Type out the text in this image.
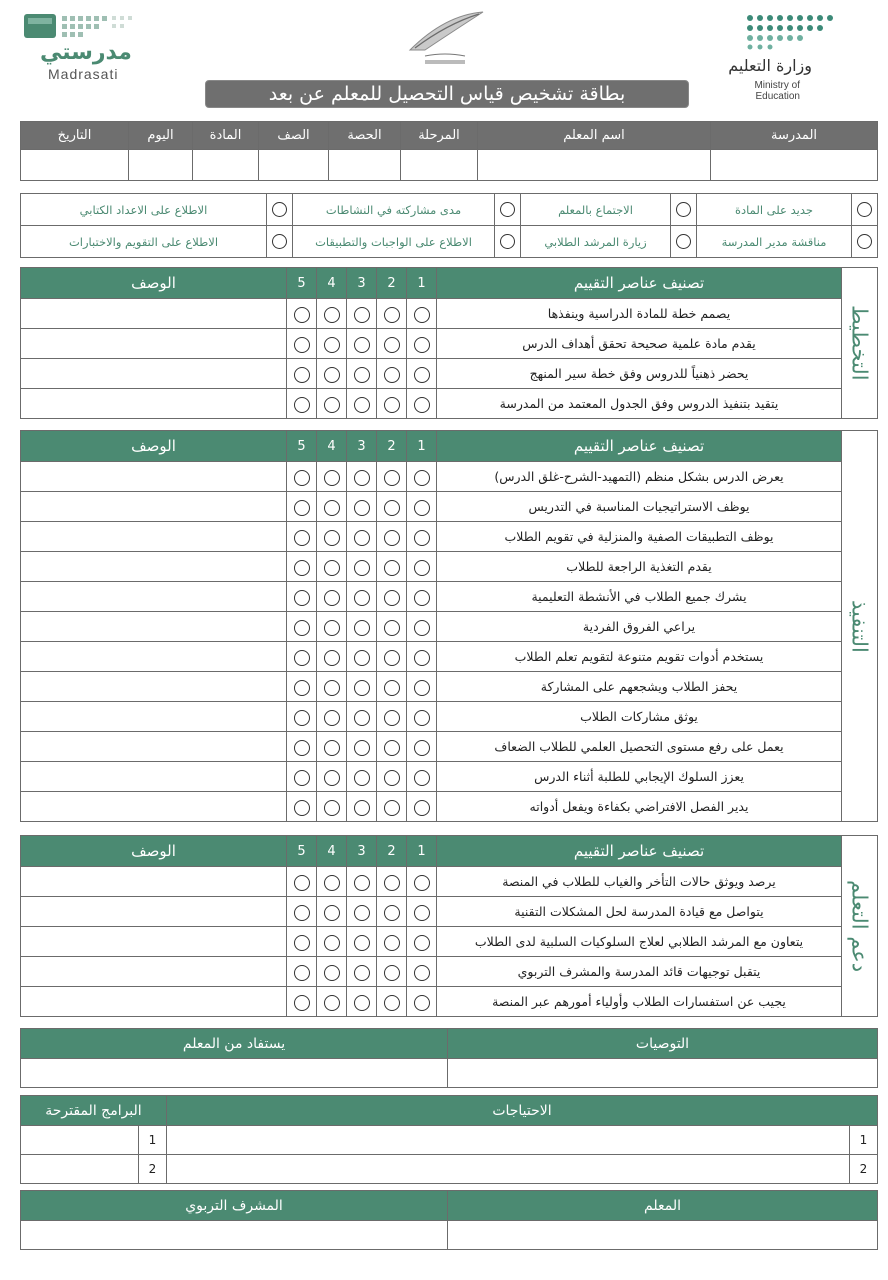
مدرستي
Madrasati	وزارة التعليم
Ministry of Education
بطاقة تشخيص قياس التحصيل للمعلم عن بعد
المدرسة	اسم المعلم	المرحلة	الحصة	الصف	المادة	اليوم	التاريخ

	جديد على المادة		الاجتماع بالمعلم		مدى مشاركته في النشاطات		الاطلاع على الاعداد الكتابي
	مناقشة مدير المدرسة		زيارة المرشد الطلابي		الاطلاع على الواجبات والتطبيقات		الاطلاع على التقويم والاختبارات
التخطيط	تصنيف عناصر التقييم	1	2	3	4	5	الوصف
	يصمم خطة للمادة الدراسية وينفذها						
	يقدم مادة علمية صحيحة تحقق أهداف الدرس						
	يحضر ذهنياً للدروس وفق خطة سير المنهج						
	يتقيد بتنفيذ الدروس وفق الجدول المعتمد من المدرسة						
التنفيذ	تصنيف عناصر التقييم	1	2	3	4	5	الوصف
	يعرض الدرس بشكل منظم (التمهيد-الشرح-غلق الدرس)						
	يوظف الاستراتيجيات المناسبة في التدريس						
	يوظف التطبيقات الصفية والمنزلية في تقويم الطلاب						
	يقدم التغذية الراجعة للطلاب						
	يشرك جميع الطلاب في الأنشطة التعليمية						
	يراعي الفروق الفردية						
	يستخدم أدوات تقويم متنوعة لتقويم تعلم الطلاب						
	يحفز الطلاب ويشجعهم على المشاركة						
	يوثق مشاركات الطلاب						
	يعمل على رفع مستوى التحصيل العلمي للطلاب الضعاف						
	يعزز السلوك الإيجابي للطلبة أثناء الدرس						
	يدير الفصل الافتراضي بكفاءة ويفعل أدواته						
دعم التعلم	تصنيف عناصر التقييم	1	2	3	4	5	الوصف
	يرصد ويوثق حالات التأخر والغياب للطلاب في المنصة						
	يتواصل مع قيادة المدرسة لحل المشكلات التقنية						
	يتعاون مع المرشد الطلابي لعلاج السلوكيات السلبية لدى الطلاب						
	يتقبل توجيهات قائد المدرسة والمشرف التربوي						
	يجيب عن استفسارات الطلاب وأولياء أمورهم عبر المنصة						
التوصيات	يستفاد من المعلم

الاحتياجات		البرامج المقترحة	
1		1	
2		2	
المعلم	المشرف التربوي
